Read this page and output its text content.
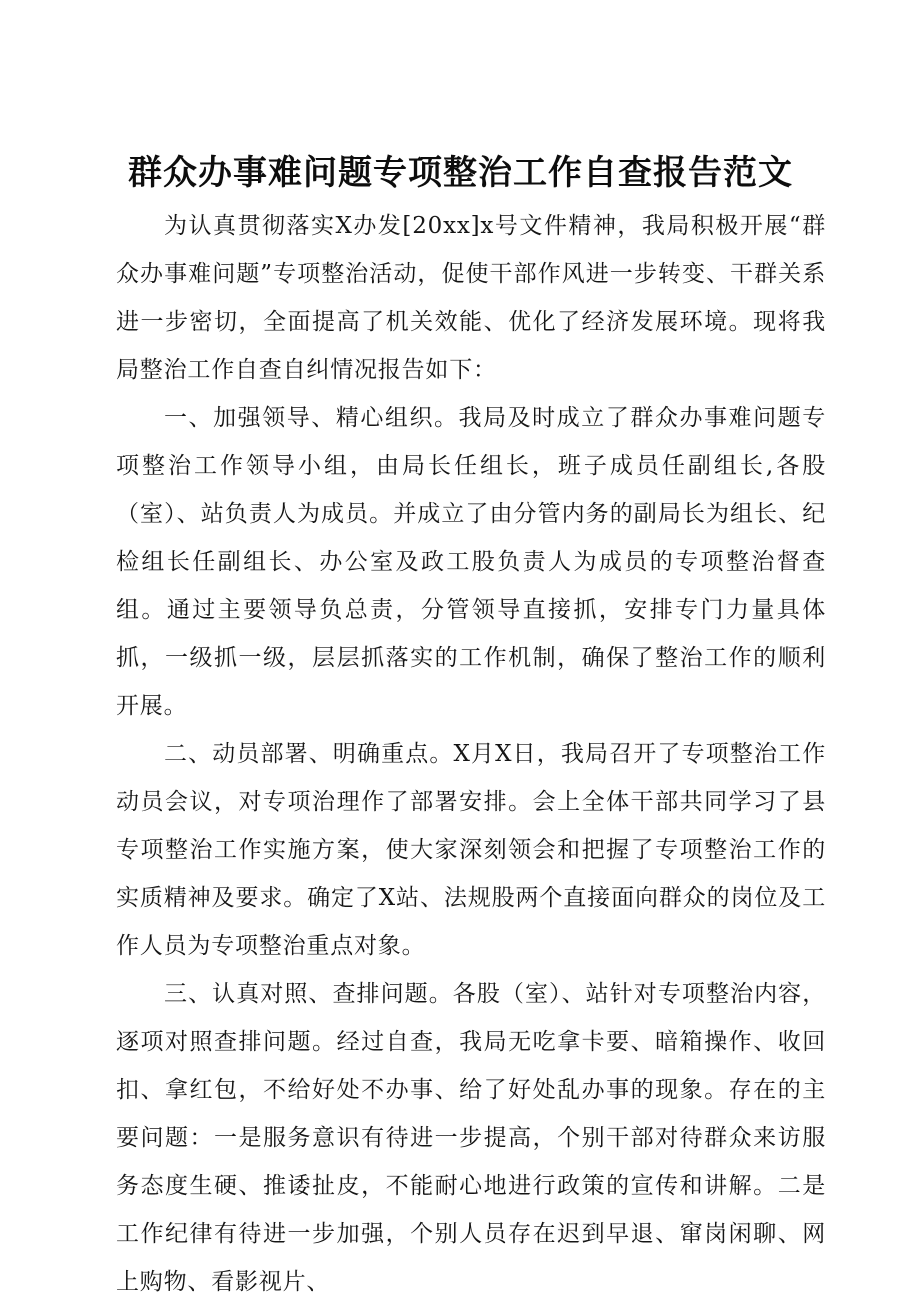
群众办事难问题专项整治工作自查报告范文

为认真贯彻落实X办发[20xx]x号文件精神，我局积极开展“群众办事难问题”专项整治活动，促使干部作风进一步转变、干群关系进一步密切，全面提高了机关效能、优化了经济发展环境。现将我局整治工作自查自纠情况报告如下：

一、加强领导、精心组织。我局及时成立了群众办事难问题专项整治工作领导小组，由局长任组长，班子成员任副组长,各股（室）、站负责人为成员。并成立了由分管内务的副局长为组长、纪检组长任副组长、办公室及政工股负责人为成员的专项整治督查组。通过主要领导负总责，分管领导直接抓，安排专门力量具体抓，一级抓一级，层层抓落实的工作机制，确保了整治工作的顺利开展。

二、动员部署、明确重点。X月X日，我局召开了专项整治工作动员会议，对专项治理作了部署安排。会上全体干部共同学习了县专项整治工作实施方案，使大家深刻领会和把握了专项整治工作的实质精神及要求。确定了X站、法规股两个直接面向群众的岗位及工作人员为专项整治重点对象。

三、认真对照、查排问题。各股（室）、站针对专项整治内容，逐项对照查排问题。经过自查，我局无吃拿卡要、暗箱操作、收回扣、拿红包，不给好处不办事、给了好处乱办事的现象。存在的主要问题：一是服务意识有待进一步提高，个别干部对待群众来访服务态度生硬、推诿扯皮，不能耐心地进行政策的宣传和讲解。二是工作纪律有待进一步加强，个别人员存在迟到早退、窜岗闲聊、网上购物、看影视片、
